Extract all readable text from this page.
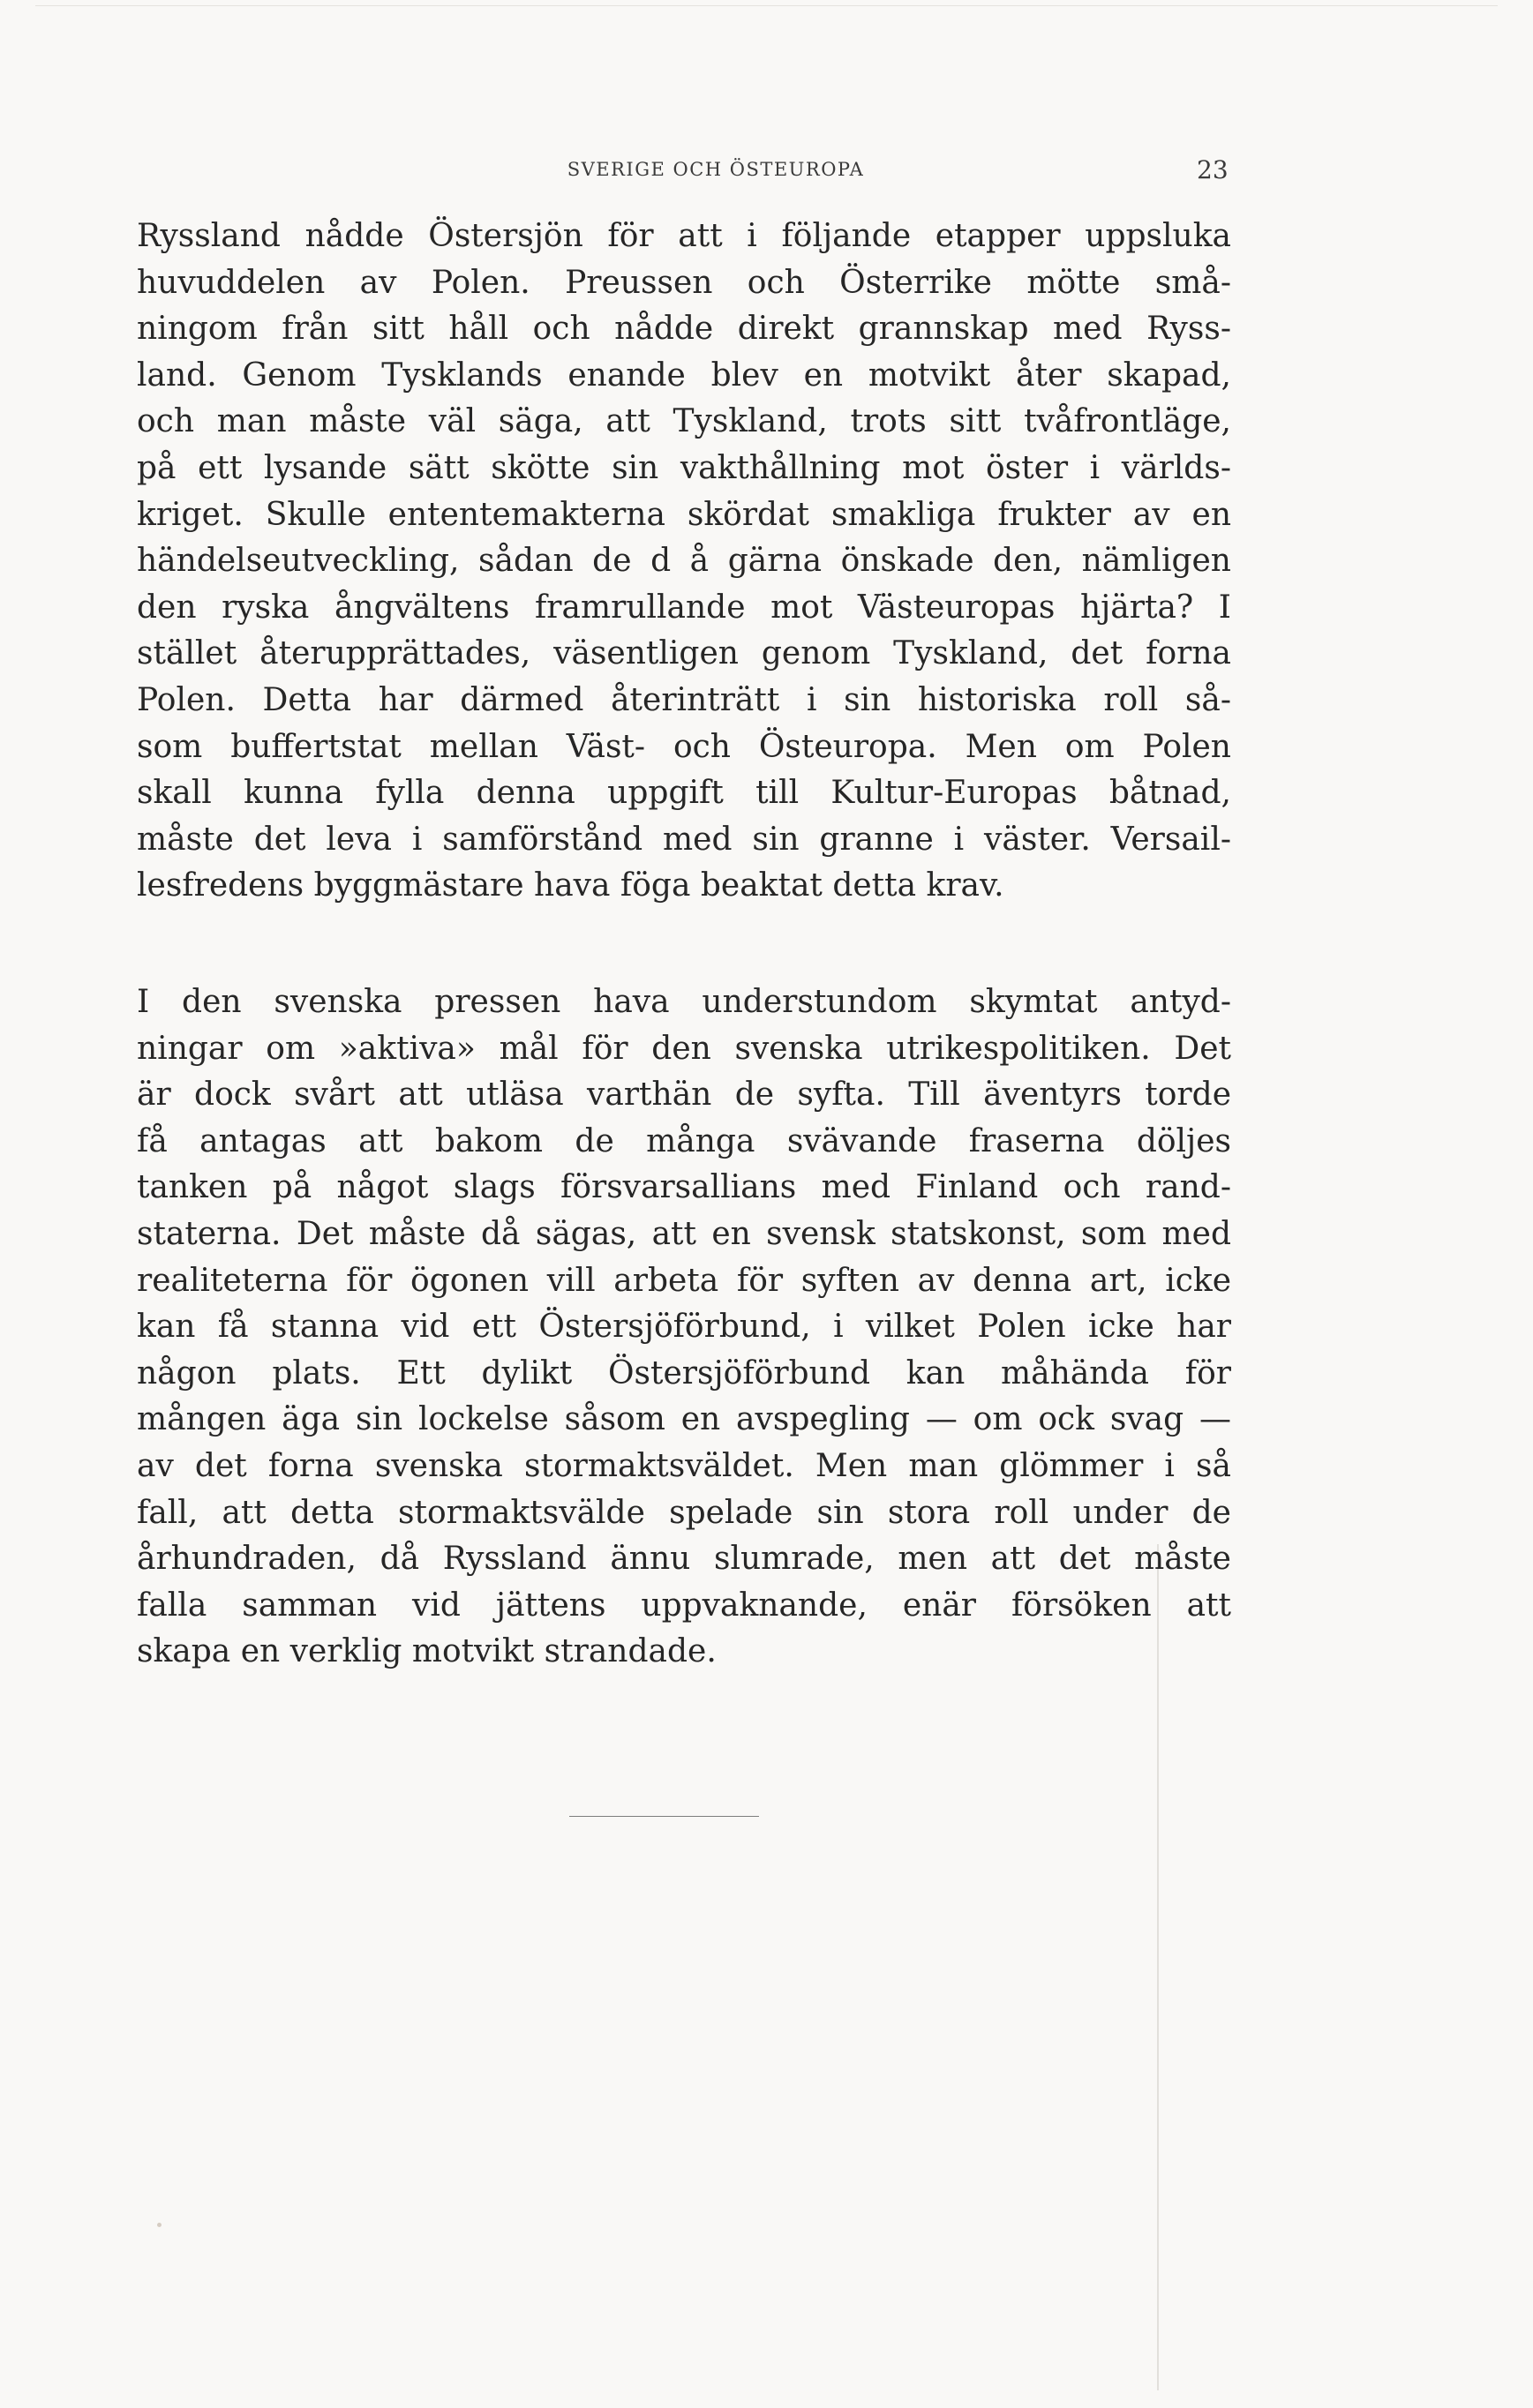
SVERIGE OCH ÖSTEUROPA	23

Ryssland nådde Östersjön för att i följande etapper uppsluka
huvuddelen av Polen. Preussen och Österrike mötte små-
ningom från sitt håll och nådde direkt grannskap med Ryss-
land. Genom Tysklands enande blev en motvikt åter skapad,
och man måste väl säga, att Tyskland, trots sitt tvåfrontläge,
på ett lysande sätt skötte sin vakthållning mot öster i världs-
kriget. Skulle ententemakterna skördat smakliga frukter av en
händelseutveckling, sådan de d å gärna önskade den, nämligen
den ryska ångvältens framrullande mot Västeuropas hjärta? I
stället återupprättades, väsentligen genom Tyskland, det forna
Polen. Detta har därmed återinträtt i sin historiska roll så-
som buffertstat mellan Väst- och Östeuropa. Men om Polen
skall kunna fylla denna uppgift till Kultur-Europas båtnad,
måste det leva i samförstånd med sin granne i väster. Versail-
lesfredens byggmästare hava föga beaktat detta krav.

I den svenska pressen hava understundom skymtat antyd-
ningar om »aktiva» mål för den svenska utrikespolitiken. Det
är dock svårt att utläsa varthän de syfta. Till äventyrs torde
få antagas att bakom de många svävande fraserna döljes
tanken på något slags försvarsallians med Finland och rand-
staterna. Det måste då sägas, att en svensk statskonst, som med
realiteterna för ögonen vill arbeta för syften av denna art, icke
kan få stanna vid ett Östersjöförbund, i vilket Polen icke har
någon plats. Ett dylikt Östersjöförbund kan måhända för
mången äga sin lockelse såsom en avspegling — om ock svag —
av det forna svenska stormaktsväldet. Men man glömmer i så
fall, att detta stormaktsvälde spelade sin stora roll under de
århundraden, då Ryssland ännu slumrade, men att det måste
falla samman vid jättens uppvaknande, enär försöken att
skapa en verklig motvikt strandade.
